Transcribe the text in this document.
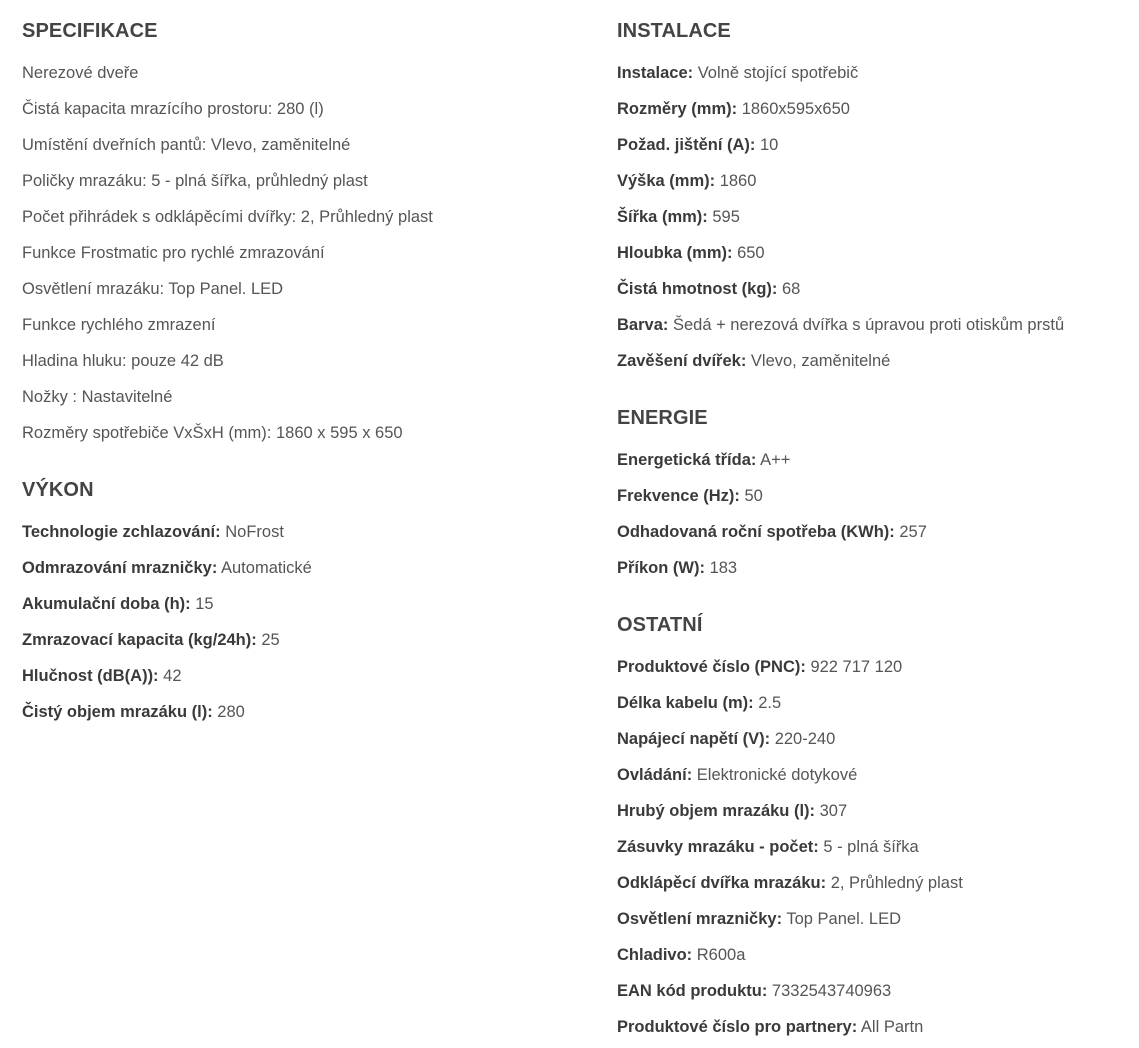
SPECIFIKACE
Nerezové dveře
Čistá kapacita mrazícího prostoru: 280 (l)
Umístění dveřních pantů: Vlevo, zaměnitelné
Poličky mrazáku: 5 - plná šířka, průhledný plast
Počet přihrádek s odklápěcími dvířky: 2, Průhledný plast
Funkce Frostmatic pro rychlé zmrazování
Osvětlení mrazáku: Top Panel. LED
Funkce rychlého zmrazení
Hladina hluku: pouze 42 dB
Nožky : Nastavitelné
Rozměry spotřebiče VxŠxH (mm): 1860 x 595 x 650
VÝKON
Technologie zchlazování: NoFrost
Odmrazování mrazničky: Automatické
Akumulační doba (h): 15
Zmrazovací kapacita (kg/24h): 25
Hlučnost (dB(A)): 42
Čistý objem mrazáku (l): 280
INSTALACE
Instalace: Volně stojící spotřebič
Rozměry (mm): 1860x595x650
Požad. jištění (A): 10
Výška (mm): 1860
Šířka (mm): 595
Hloubka (mm): 650
Čistá hmotnost (kg): 68
Barva: Šedá + nerezová dvířka s úpravou proti otiskům prstů
Zavěšení dvířek: Vlevo, zaměnitelné
ENERGIE
Energetická třída: A++
Frekvence (Hz): 50
Odhadovaná roční spotřeba (KWh): 257
Příkon (W): 183
OSTATNÍ
Produktové číslo (PNC): 922 717 120
Délka kabelu (m): 2.5
Napájecí napětí (V): 220-240
Ovládání: Elektronické dotykové
Hrubý objem mrazáku (l): 307
Zásuvky mrazáku - počet: 5 - plná šířka
Odklápěcí dvířka mrazáku: 2, Průhledný plast
Osvětlení mrazničky: Top Panel. LED
Chladivo: R600a
EAN kód produktu: 7332543740963
Produktové číslo pro partnery: All Partn
